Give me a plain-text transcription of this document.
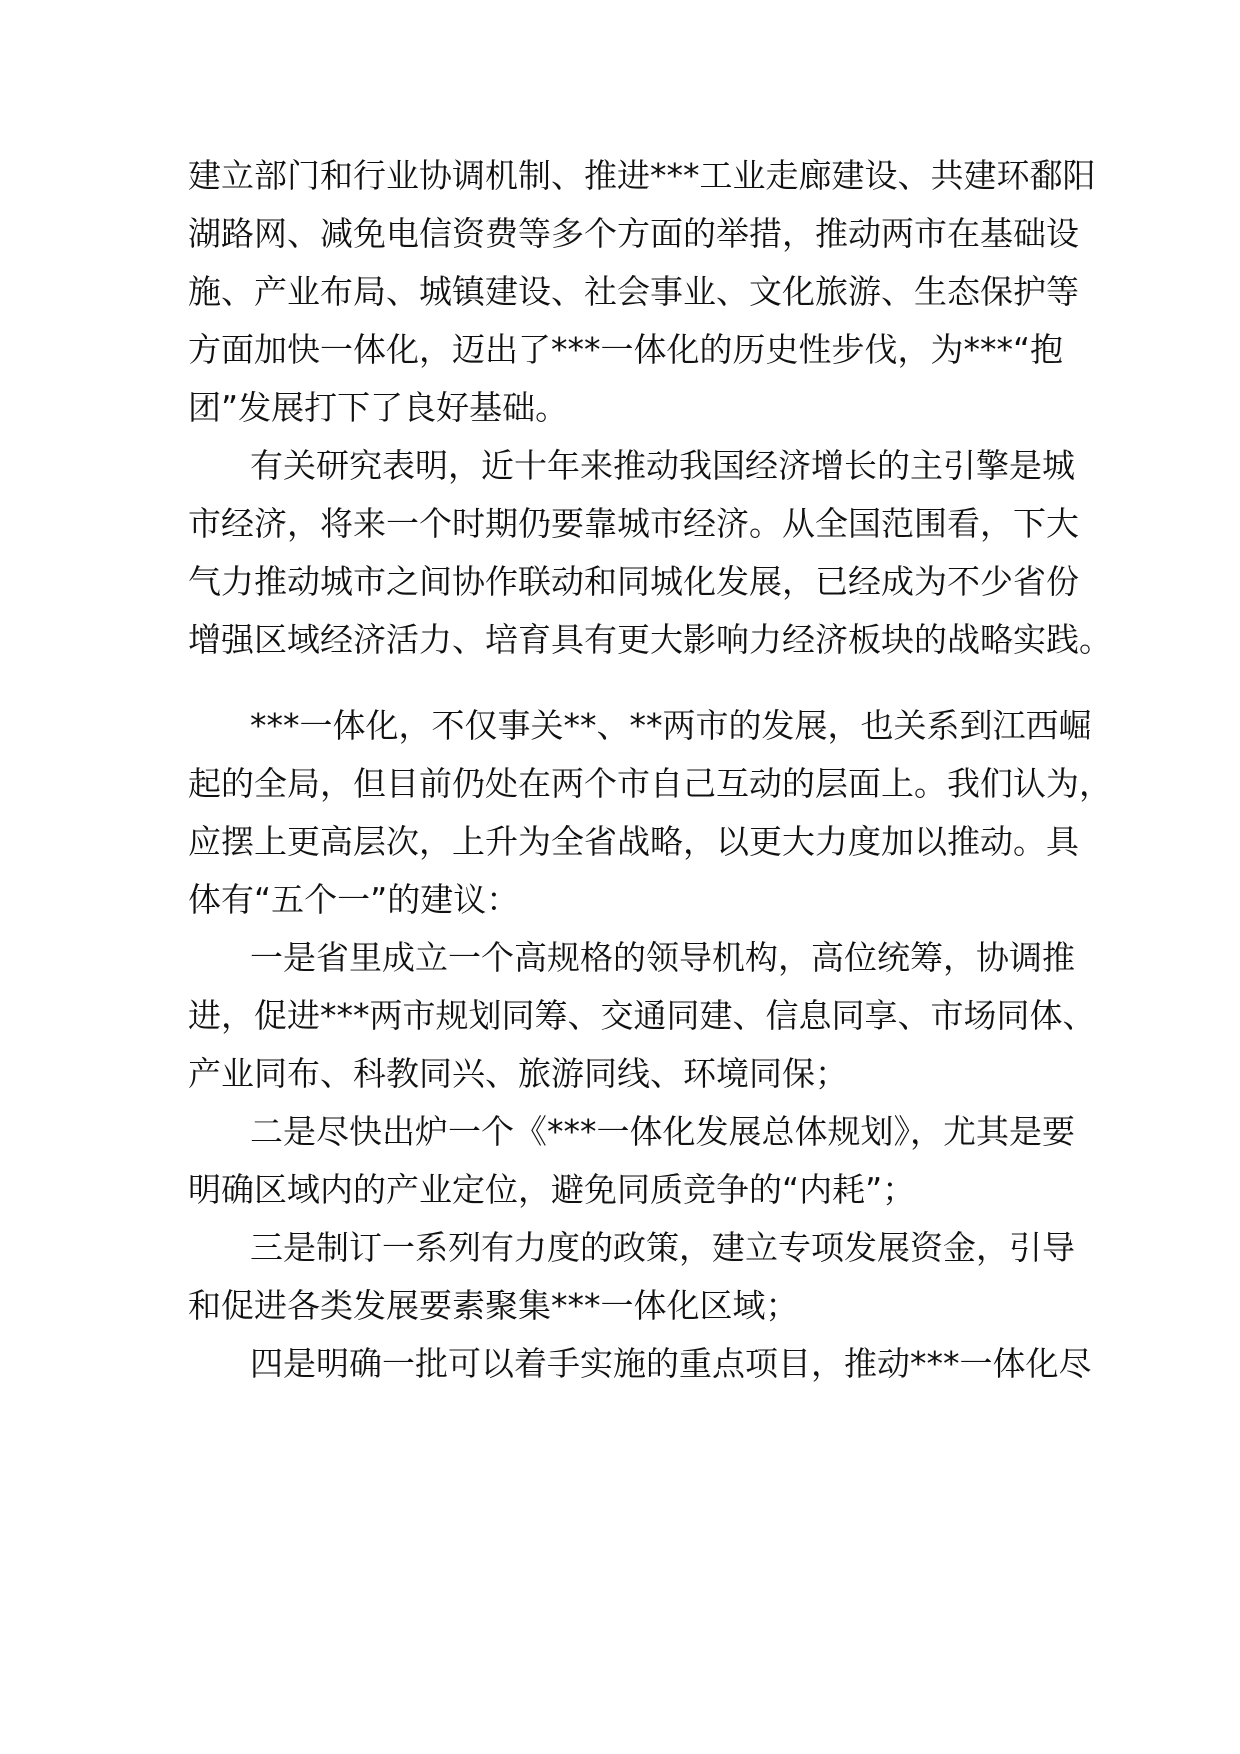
建立部门和行业协调机制、推进***工业走廊建设、共建环鄱阳
湖路网、减免电信资费等多个方面的举措，推动两市在基础设
施、产业布局、城镇建设、社会事业、文化旅游、生态保护等
方面加快一体化，迈出了***一体化的历史性步伐，为***“抱
团”发展打下了良好基础。
有关研究表明，近十年来推动我国经济增长的主引擎是城
市经济，将来一个时期仍要靠城市经济。从全国范围看，下大
气力推动城市之间协作联动和同城化发展，已经成为不少省份
增强区域经济活力、培育具有更大影响力经济板块的战略实践。
***一体化，不仅事关**、**两市的发展，也关系到江西崛
起的全局，但目前仍处在两个市自己互动的层面上。我们认为，
应摆上更高层次，上升为全省战略，以更大力度加以推动。具
体有“五个一”的建议：
一是省里成立一个高规格的领导机构，高位统筹，协调推
进，促进***两市规划同筹、交通同建、信息同享、市场同体、
产业同布、科教同兴、旅游同线、环境同保；
二是尽快出炉一个《***一体化发展总体规划》，尤其是要
明确区域内的产业定位，避免同质竞争的“内耗”；
三是制订一系列有力度的政策，建立专项发展资金，引导
和促进各类发展要素聚集***一体化区域；
四是明确一批可以着手实施的重点项目，推动***一体化尽
